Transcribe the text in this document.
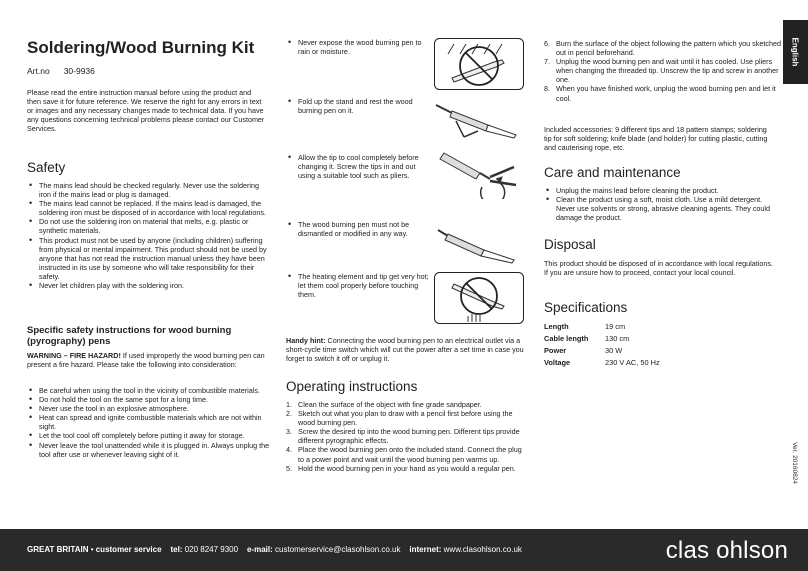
Soldering/Wood Burning Kit
Art.no 30-9936

Please read the entire instruction manual before using the product and then save it for future reference. We reserve the right for any errors in text or images and any necessary changes made to technical data. If you have any questions concerning technical problems please contact our Customer Services.

Safety
• The mains lead should be checked regularly. Never use the soldering iron if the mains lead or plug is damaged.
• The mains lead cannot be replaced. If the mains lead is damaged, the soldering iron must be disposed of in accordance with local regulations.
• Do not use the soldering iron on material that melts, e.g. plastic or synthetic materials.
• This product must not be used by anyone (including children) suffering from physical or mental impairment. This product should not be used by anyone that has not read the instruction manual unless they have been instructed in its use by someone who will take responsibility for their safety.
• Never let children play with the soldering iron.
Specific safety instructions for wood burning (pyrography) pens

WARNING – FIRE HAZARD! If used improperly the wood burning pen can present a fire hazard. Please take the following into consideration:

• Be careful when using the tool in the vicinity of combustible materials.
• Do not hold the tool on the same spot for a long time.
• Never use the tool in an explosive atmosphere.
• Heat can spread and ignite combustible materials which are not within sight.
• Let the tool cool off completely before putting it away for storage.
• Never leave the tool unattended while it is plugged in. Always unplug the tool after use or whenever leaving sight of it.
• Never expose the wood burning pen to rain or moisture.
• Fold up the stand and rest the wood burning pen on it.
• Allow the tip to cool completely before changing it. Screw the tips in and out using a suitable tool such as pliers.
• The wood burning pen must not be dismantled or modified in any way.
• The heating element and tip get very hot; let them cool properly before touching them.

Handy hint: Connecting the wood burning pen to an electrical outlet via a short-cycle time switch which will cut the power after a set time in case you forget to switch it off or unplug it.

Operating instructions
1. Clean the surface of the object with fine grade sandpaper.
2. Sketch out what you plan to draw with a pencil first before using the wood burning pen.
3. Screw the desired tip into the wood burning pen. Different tips provide different pyrographic effects.
4. Place the wood burning pen onto the included stand. Connect the plug to a power point and wait until the wood burning pen warms up.
5. Hold the wood burning pen in your hand as you would a regular pen.
6. Burn the surface of the object following the pattern which you sketched out in pencil beforehand.
7. Unplug the wood burning pen and wait until it has cooled. Use pliers when changing the threaded tip. Unscrew the tip and screw in another one.
8. When you have finished work, unplug the wood burning pen and let it cool.

Included accessories: 9 different tips and 18 pattern stamps; soldering tip for soft soldering; knife blade (and holder) for cutting plastic, cutting and cauterising rope, etc.

Care and maintenance
• Unplug the mains lead before cleaning the product.
• Clean the product using a soft, moist cloth. Use a mild detergent. Never use solvents or strong, abrasive cleaning agents. They could damage the product.
Disposal

This product should be disposed of in accordance with local regulations. If you are unsure how to proceed, contact your local council.

Specifications
Length	19 cm
Cable length 130 cm
Power	30 W
Voltage	230 V AC, 50 Hz
English
Ver. 20160824
GREAT BRITAIN • customer service tel: 020 8247 9300 e-mail: customerservice@clasohlson.co.uk internet: www.clasohlson.co.uk	clas ohlson
